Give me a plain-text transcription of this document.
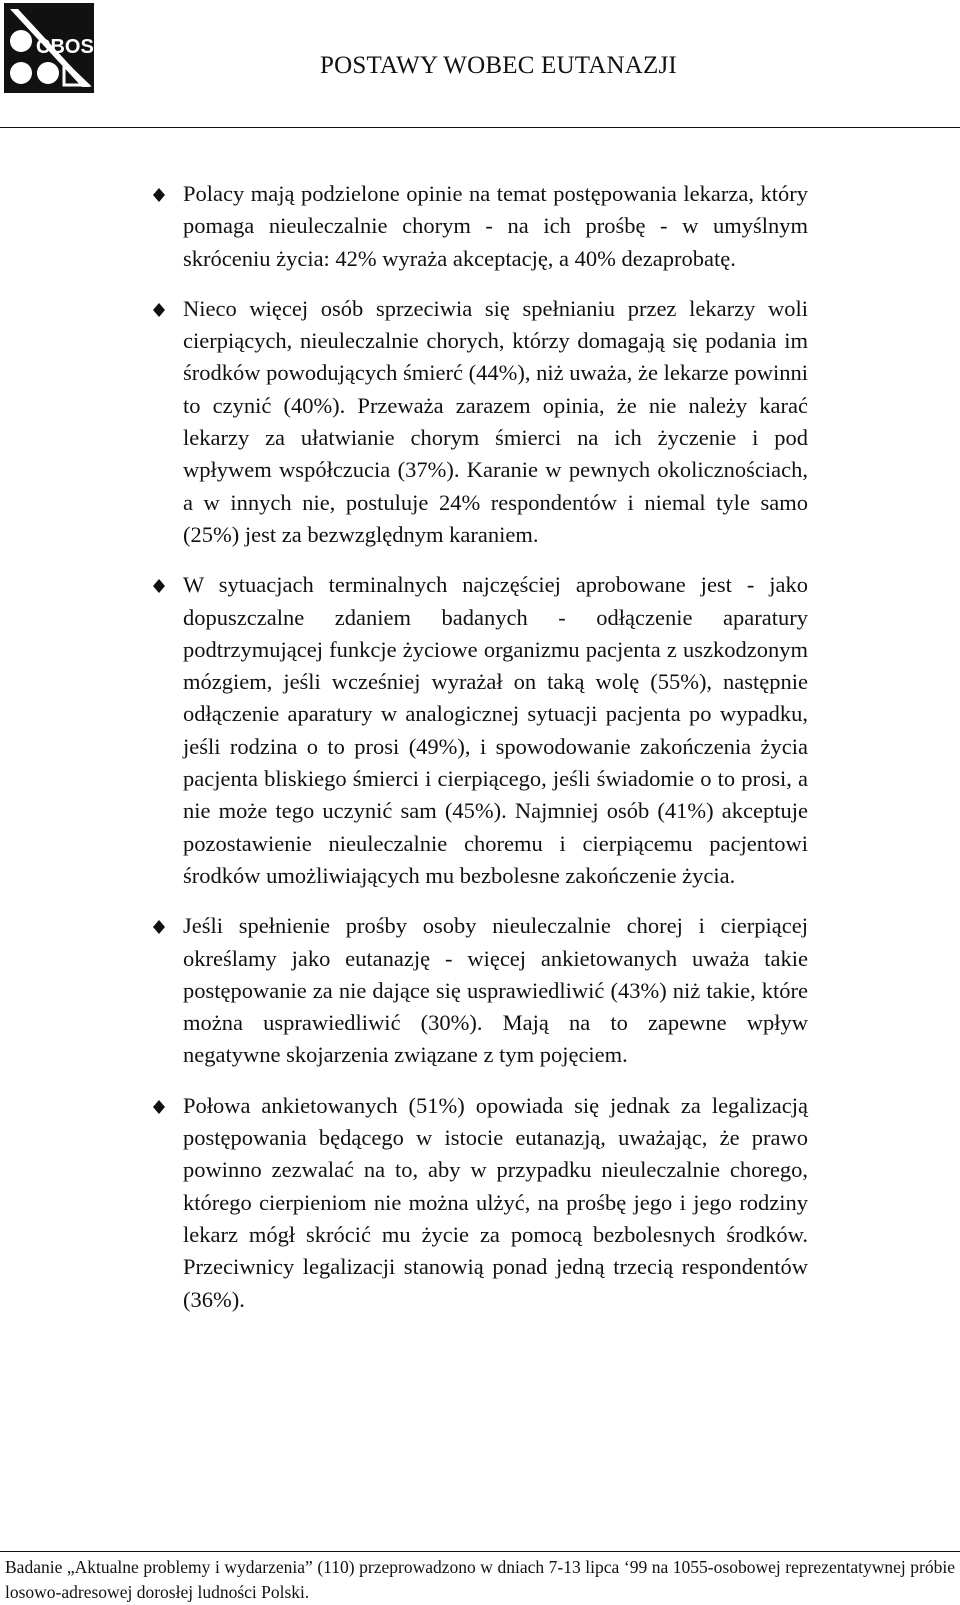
CBOS
POSTAWY WOBEC EUTANAZJI
Polacy mają podzielone opinie na temat postępowania lekarza, który pomaga nieuleczalnie chorym - na ich prośbę - w umyślnym skróceniu życia: 42% wyraża akceptację, a 40% dezaprobatę.
Nieco więcej osób sprzeciwia się spełnianiu przez lekarzy woli cierpiących, nieuleczalnie chorych, którzy domagają się podania im środków powodujących śmierć (44%), niż uważa, że lekarze powinni to czynić (40%). Przeważa zarazem opinia, że nie należy karać lekarzy za ułatwianie chorym śmierci na ich życzenie i pod wpływem współczucia (37%). Karanie w pewnych okolicznościach, a w innych nie, postuluje 24% respondentów i niemal tyle samo (25%) jest za bezwzględnym karaniem.
W sytuacjach terminalnych najczęściej aprobowane jest - jako dopuszczalne zdaniem badanych - odłączenie aparatury podtrzymującej funkcje życiowe organizmu pacjenta z uszkodzonym mózgiem, jeśli wcześniej wyrażał on taką wolę (55%), następnie odłączenie aparatury w analogicznej sytuacji pacjenta po wypadku, jeśli rodzina o to prosi (49%), i spowodowanie zakończenia życia pacjenta bliskiego śmierci i cierpiącego, jeśli świadomie o to prosi, a nie może tego uczynić sam (45%). Najmniej osób (41%) akceptuje pozostawienie nieuleczalnie choremu i cierpiącemu pacjentowi środków umożliwiających mu bezbolesne zakończenie życia.
Jeśli spełnienie prośby osoby nieuleczalnie chorej i cierpiącej określamy jako eutanazję - więcej ankietowanych uważa takie postępowanie za nie dające się usprawiedliwić (43%) niż takie, które można usprawiedliwić (30%). Mają na to zapewne wpływ negatywne skojarzenia związane z tym pojęciem.
Połowa ankietowanych (51%) opowiada się jednak za legalizacją postępowania będącego w istocie eutanazją, uważając, że prawo powinno zezwalać na to, aby w przypadku nieuleczalnie chorego, którego cierpieniom nie można ulżyć, na prośbę jego i jego rodziny lekarz mógł skrócić mu życie za pomocą bezbolesnych środków. Przeciwnicy legalizacji stanowią ponad jedną trzecią respondentów (36%).
Badanie „Aktualne problemy i wydarzenia” (110) przeprowadzono w dniach 7-13 lipca ‘99 na 1055-osobowej reprezentatywnej próbie losowo-adresowej dorosłej ludności Polski.
